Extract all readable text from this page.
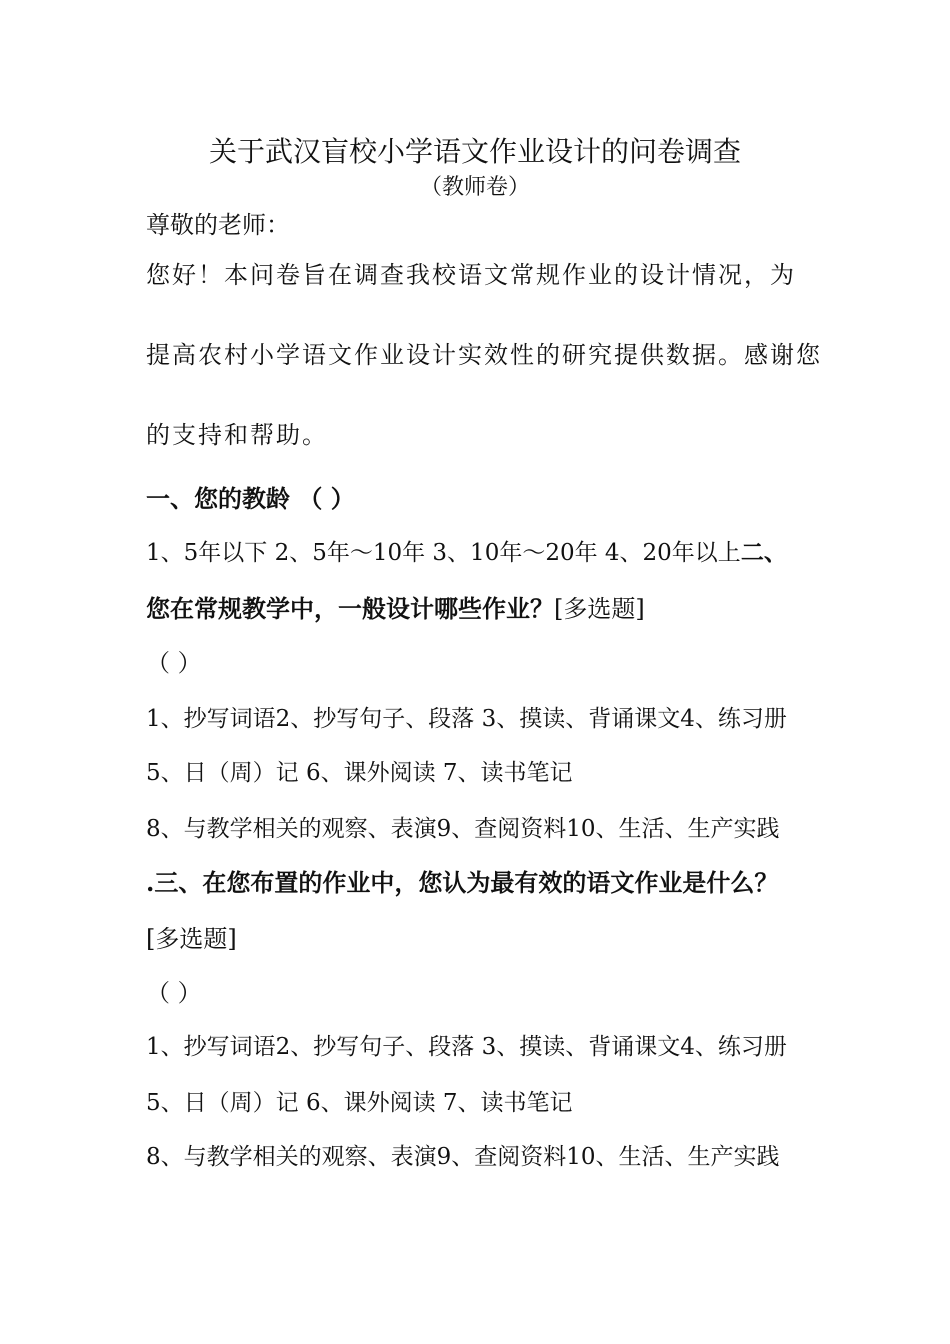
关于武汉盲校小学语文作业设计的问卷调查
（教师卷）
尊敬的老师：
您好！本问卷旨在调查我校语文常规作业的设计情况，为
提高农村小学语文作业设计实效性的研究提供数据。感谢您
的支持和帮助。
一、您的教龄 （ ）
1、5年以下 2、5年～10年 3、10年～20年 4、20年以上二、
您在常规教学中，一般设计哪些作业？[多选题]
（ ）
1、抄写词语2、抄写句子、段落 3、摸读、背诵课文4、练习册
5、日（周）记 6、课外阅读 7、读书笔记
8、与教学相关的观察、表演9、查阅资料10、生活、生产实践
.三、在您布置的作业中，您认为最有效的语文作业是什么？
[多选题]
（ ）
1、抄写词语2、抄写句子、段落 3、摸读、背诵课文4、练习册
5、日（周）记 6、课外阅读 7、读书笔记
8、与教学相关的观察、表演9、查阅资料10、生活、生产实践
